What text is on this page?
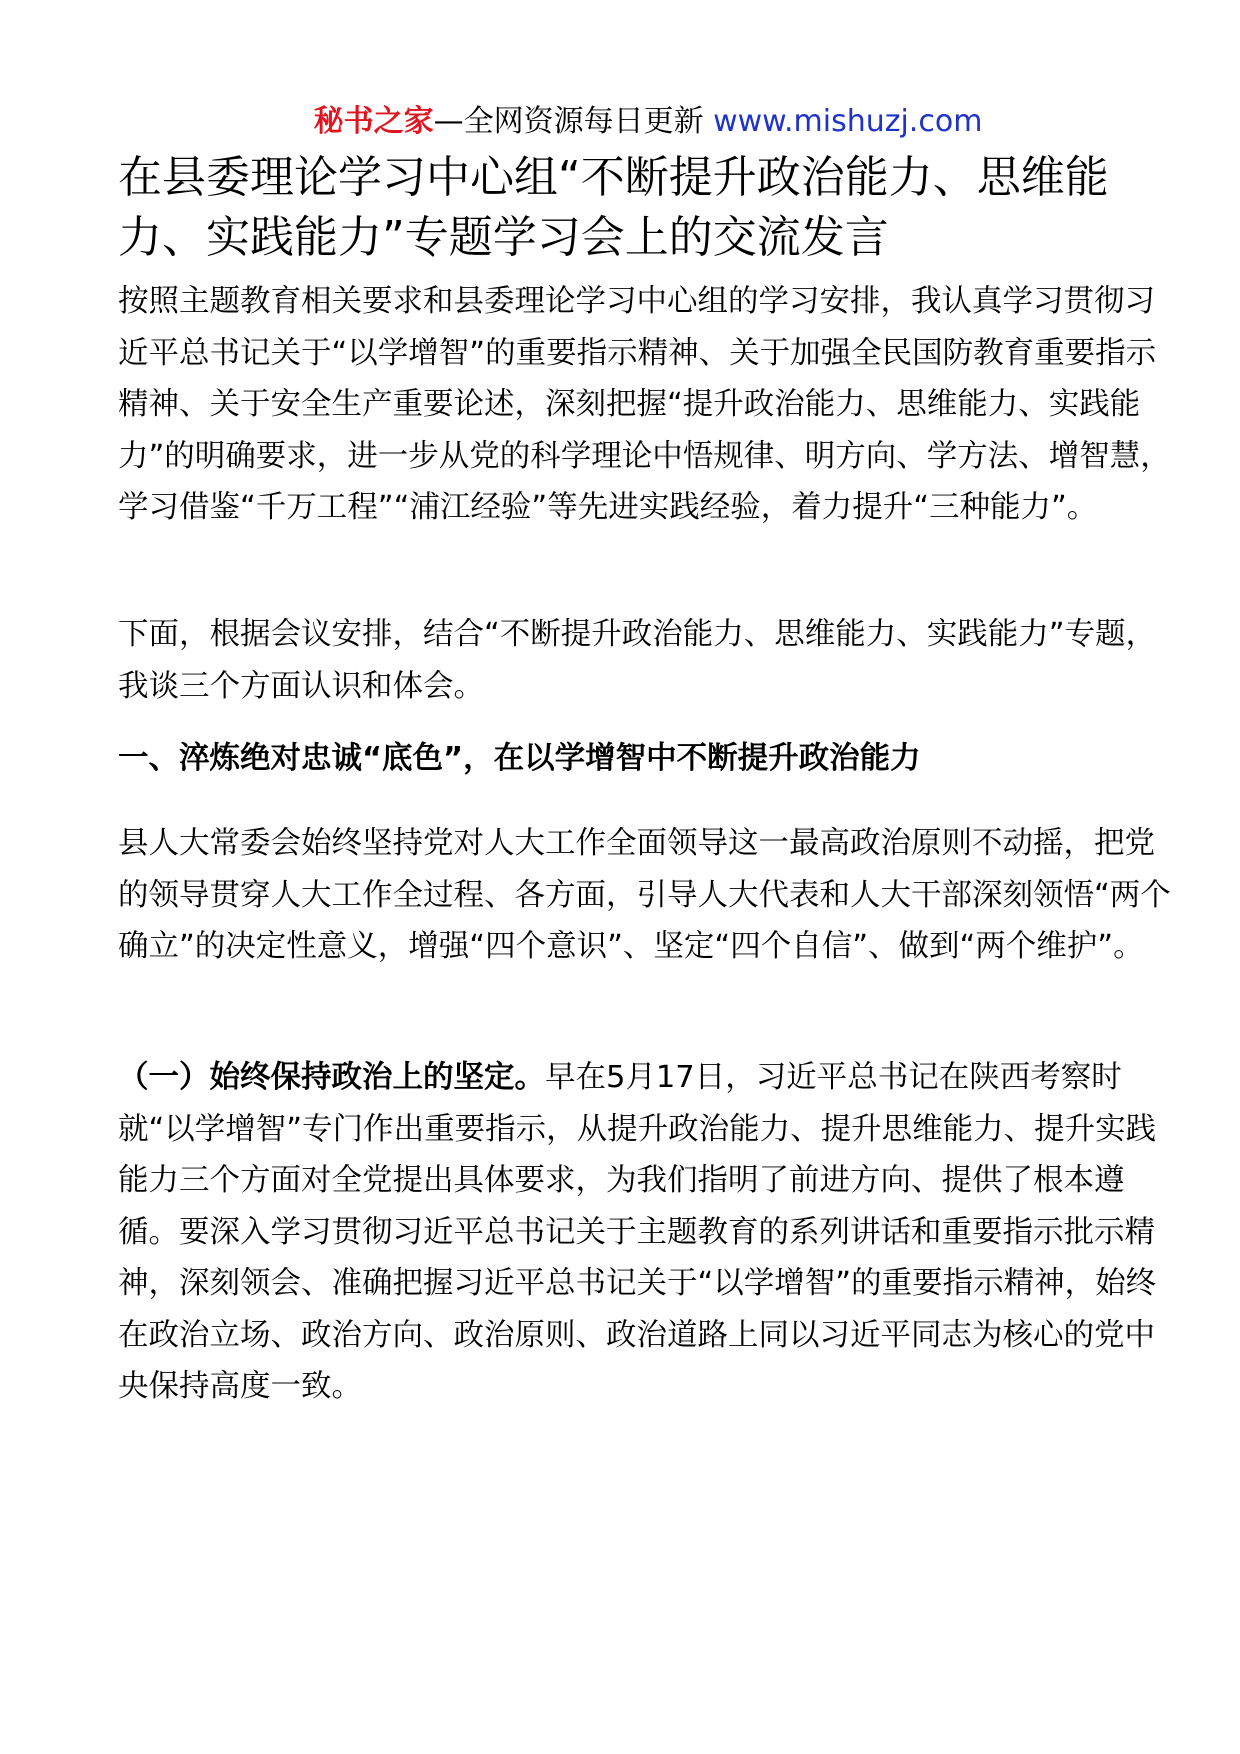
秘书之家—全网资源每日更新 www.mishuzj.com
在县委理论学习中心组“不断提升政治能力、思维能力、实践能力”专题学习会上的交流发言

按照主题教育相关要求和县委理论学习中心组的学习安排，我认真学习贯彻习近平总书记关于“以学增智”的重要指示精神、关于加强全民国防教育重要指示精神、关于安全生产重要论述，深刻把握“提升政治能力、思维能力、实践能力”的明确要求，进一步从党的科学理论中悟规律、明方向、学方法、增智慧，学习借鉴“千万工程”“浦江经验”等先进实践经验，着力提升“三种能力”。

下面，根据会议安排，结合“不断提升政治能力、思维能力、实践能力”专题，我谈三个方面认识和体会。

一、淬炼绝对忠诚“底色”，在以学增智中不断提升政治能力

县人大常委会始终坚持党对人大工作全面领导这一最高政治原则不动摇，把党的领导贯穿人大工作全过程、各方面，引导人大代表和人大干部深刻领悟“两个确立”的决定性意义，增强“四个意识”、坚定“四个自信”、做到“两个维护”。

（一）始终保持政治上的坚定。早在5月17日，习近平总书记在陕西考察时就“以学增智”专门作出重要指示，从提升政治能力、提升思维能力、提升实践能力三个方面对全党提出具体要求，为我们指明了前进方向、提供了根本遵循。要深入学习贯彻习近平总书记关于主题教育的系列讲话和重要指示批示精神，深刻领会、准确把握习近平总书记关于“以学增智”的重要指示精神，始终在政治立场、政治方向、政治原则、政治道路上同以习近平同志为核心的党中央保持高度一致。
